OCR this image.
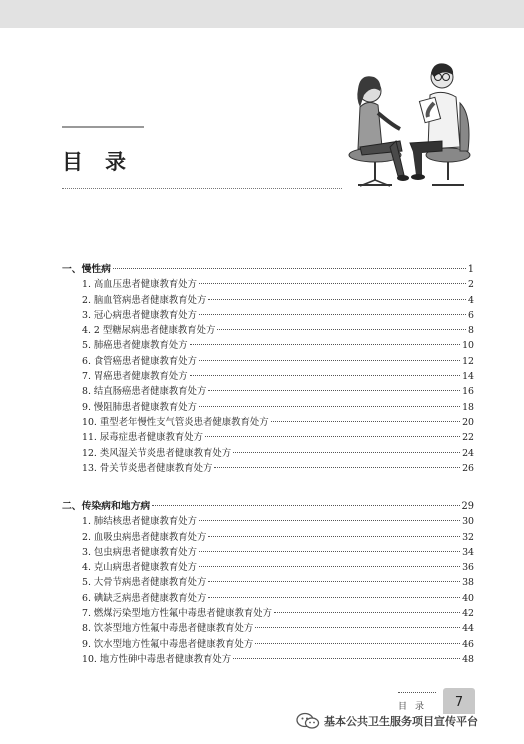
目录
一、慢性病	1
1. 高血压患者健康教育处方	2
2. 脑血管病患者健康教育处方	4
3. 冠心病患者健康教育处方	6
4. 2 型糖尿病患者健康教育处方	8
5. 肺癌患者健康教育处方	10
6. 食管癌患者健康教育处方	12
7. 胃癌患者健康教育处方	14
8. 结直肠癌患者健康教育处方	16
9. 慢阻肺患者健康教育处方	18
10. 重型老年慢性支气管炎患者健康教育处方	20
11. 尿毒症患者健康教育处方	22
12. 类风湿关节炎患者健康教育处方	24
13. 骨关节炎患者健康教育处方	26
二、传染病和地方病	29
1. 肺结核患者健康教育处方	30
2. 血吸虫病患者健康教育处方	32
3. 包虫病患者健康教育处方	34
4. 克山病患者健康教育处方	36
5. 大骨节病患者健康教育处方	38
6. 碘缺乏病患者健康教育处方	40
7. 燃煤污染型地方性氟中毒患者健康教育处方	42
8. 饮茶型地方性氟中毒患者健康教育处方	44
9. 饮水型地方性氟中毒患者健康教育处方	46
10. 地方性砷中毒患者健康教育处方	48
目录	7
基本公共卫生服务项目宣传平台
